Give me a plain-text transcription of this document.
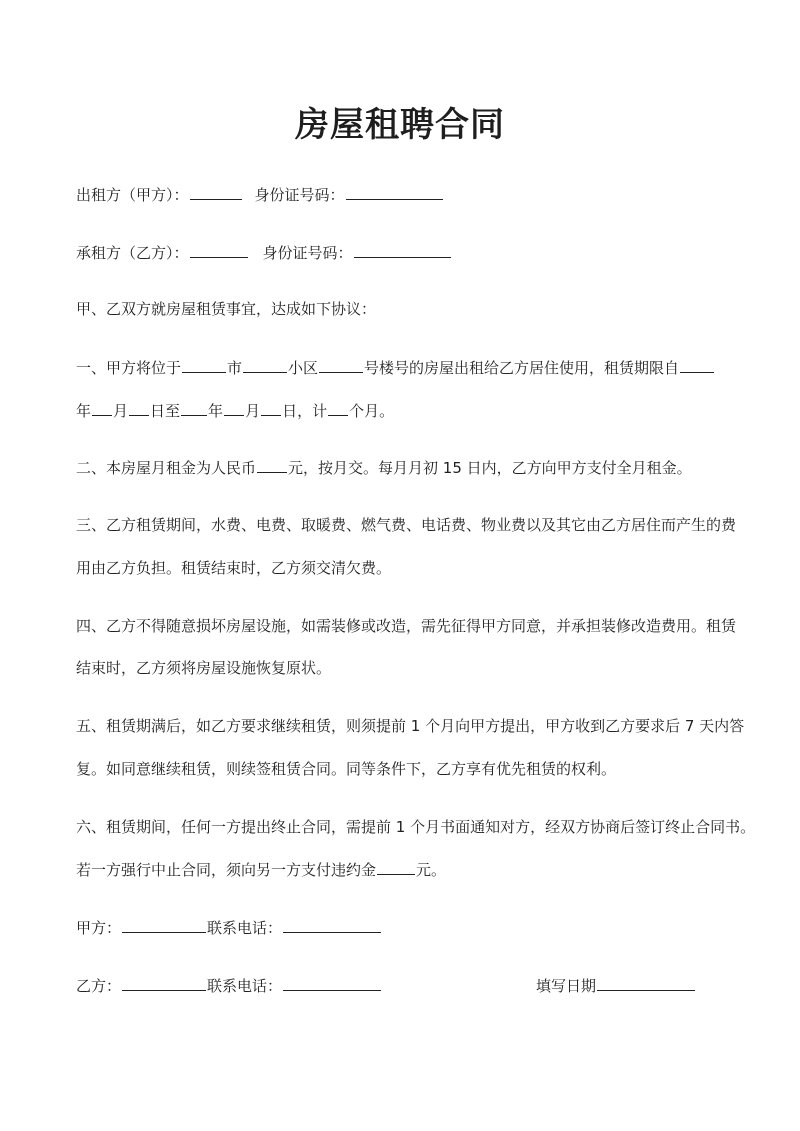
房屋租聘合同
出租方（甲方）：	身份证号码：
承租方（乙方）：	身份证号码：
甲、乙双方就房屋租赁事宜，达成如下协议：
一、甲方将位于	市	小区	号楼号的房屋出租给乙方居住使用，租赁期限自
年 月 日至 年 月 日，计 个月。
二、本房屋月租金为人民币 元，按月交。每月月初 15 日内，乙方向甲方支付全月租金。
三、乙方租赁期间，水费、电费、取暖费、燃气费、电话费、物业费以及其它由乙方居住而产生的费
用由乙方负担。租赁结束时，乙方须交清欠费。
四、乙方不得随意损坏房屋设施，如需装修或改造，需先征得甲方同意，并承担装修改造费用。租赁
结束时，乙方须将房屋设施恢复原状。
五、租赁期满后，如乙方要求继续租赁，则须提前 1 个月向甲方提出，甲方收到乙方要求后 7 天内答
复。如同意继续租赁，则续签租赁合同。同等条件下，乙方享有优先租赁的权利。
六、租赁期间，任何一方提出终止合同，需提前 1 个月书面通知对方，经双方协商后签订终止合同书。
若一方强行中止合同，须向另一方支付违约金	元。
甲方：	联系电话：
乙方：	联系电话：	填写日期
